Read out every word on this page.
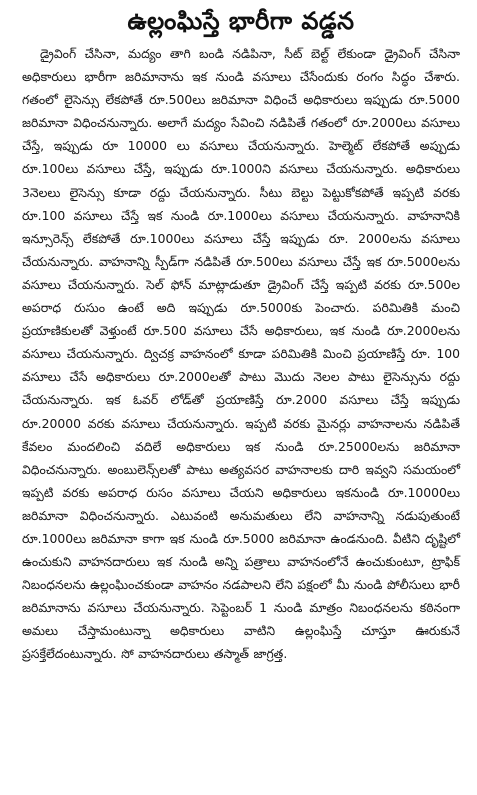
ఉల్లంఘిస్తే భారీగా వడ్డన

డ్రైవింగ్ చేసినా, మద్యం తాగి బండి నడిపినా, సీట్ బెల్ట్ లేకుండా డ్రైవింగ్ చేసినా అధికారులు భారీగా జరిమానాను ఇక నుండి వసూలు చేసేందుకు రంగం సిద్ధం చేశారు. గతంలో లైసెన్సు లేకపోతే రూ.500లు జరిమానా విధించే అధికారులు ఇప్పుడు రూ.5000 జరిమానా విధించనున్నారు. అలాగే మద్యం సేవించి నడిపితే గతంలో రూ.2000లు వసూలు చేస్తే, ఇప్పుడు రూ 10000 లు వసూలు చేయనున్నారు. హెల్మెట్ లేకపోతే అప్పుడు రూ.100లు వసూలు చేస్తే, ఇప్పుడు రూ.1000ని వసూలు చేయనున్నారు. అధికారులు 3నెలలు లైసెన్సు కూడా రద్దు చేయనున్నారు. సీటు బెల్టు పెట్టుకోకపోతే ఇప్పటి వరకు రూ.100 వసూలు చేస్తే ఇక నుండి రూ.1000లు వసూలు చేయనున్నారు. వాహనానికి ఇన్సూరెన్స్ లేకపోతే రూ.1000లు వసూలు చేస్తే ఇప్పుడు రూ. 2000లను వసూలు చేయనున్నారు. వాహనాన్ని స్పీడ్‌గా నడిపితే రూ.500లు వసూలు చేస్తే ఇక రూ.5000లను వసూలు చేయనున్నారు. సెల్ ఫోన్ మాట్లాడుతూ డ్రైవింగ్ చేస్తే ఇప్పటి వరకు రూ.500ల అపరాధ రుసుం ఉంటే అది ఇప్పుడు రూ.5000కు పెంచారు. పరిమితికి మంచి ప్రయాణికులతో వెళ్తుంటే రూ.500 వసూలు చేసే అధికారులు, ఇక నుండి రూ.2000లను వసూలు చేయనున్నారు. ద్విచక్ర వాహనంలో కూడా పరిమితికి మించి ప్రయాణిస్తే రూ. 100 వసూలు చేసే అధికారులు రూ.2000లతో పాటు మొదు నెలల పాటు లైసెన్సును రద్దు చేయనున్నారు. ఇక ఓవర్ లోడ్‌తో ప్రయాణిస్తే రూ.2000 వసూలు చేస్తే ఇప్పుడు రూ.20000 వరకు వసూలు చేయనున్నారు. ఇప్పటి వరకు మైనర్లు వాహనాలను నడిపితే కేవలం మందలించి వదిలే అధికారులు ఇక నుండి రూ.25000లను జరిమానా విధించనున్నారు. అంబులెన్స్‌లతో పాటు అత్యవసర వాహనాలకు దారి ఇవ్వని సమయంలో ఇప్పటి వరకు అపరాధ రుసం వసూలు చేయని అధికారులు ఇకనుండి రూ.10000లు జరిమానా విధించనున్నారు. ఎటువంటి అనుమతులు లేని వాహనాన్ని నడుపుతుంటే రూ.1000లు జరిమానా కాగా ఇక నుండి రూ.5000 జరిమానా ఉండనుంది. వీటిని దృష్టిలో ఉంచుకుని వాహనదారులు ఇక నుండి అన్ని పత్రాలు వాహనంలోనే ఉంచుకుంటూ, ట్రాఫిక్ నిబంధనలను ఉల్లంఘించకుండా వాహనం నడపాలని లేని పక్షంలో మీ నుండి పోలీసులు భారీ జరిమానాను వసూలు చేయనున్నారు. సెప్టెంబర్ 1 నుండి మాత్రం నిబంధనలను కఠినంగా అమలు చేస్తామంటున్నా అధికారులు వాటిని ఉల్లంఘిస్తే చూస్తూ ఊరుకునే ప్రసక్తేలేదంటున్నారు. సో వాహనదారులు తస్మాత్ జాగ్రత్త.
